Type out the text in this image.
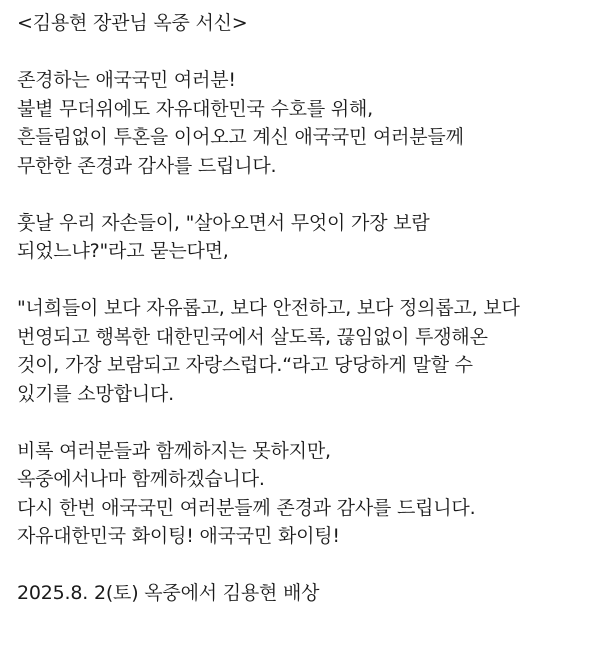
<김용현 장관님 옥중 서신>
존경하는 애국국민 여러분!
불볕 무더위에도 자유대한민국 수호를 위해,
흔들림없이 투혼을 이어오고 계신 애국국민 여러분들께
무한한 존경과 감사를 드립니다.
훗날 우리 자손들이, "살아오면서 무엇이 가장 보람
되었느냐?"라고 묻는다면,
"너희들이 보다 자유롭고, 보다 안전하고, 보다 정의롭고, 보다
번영되고 행복한 대한민국에서 살도록, 끊임없이 투쟁해온
것이, 가장 보람되고 자랑스럽다.“라고 당당하게 말할 수
있기를 소망합니다.
비록 여러분들과 함께하지는 못하지만,
옥중에서나마 함께하겠습니다.
다시 한번 애국국민 여러분들께 존경과 감사를 드립니다.
자유대한민국 화이팅! 애국국민 화이팅!
2025.8. 2(토) 옥중에서 김용현 배상
